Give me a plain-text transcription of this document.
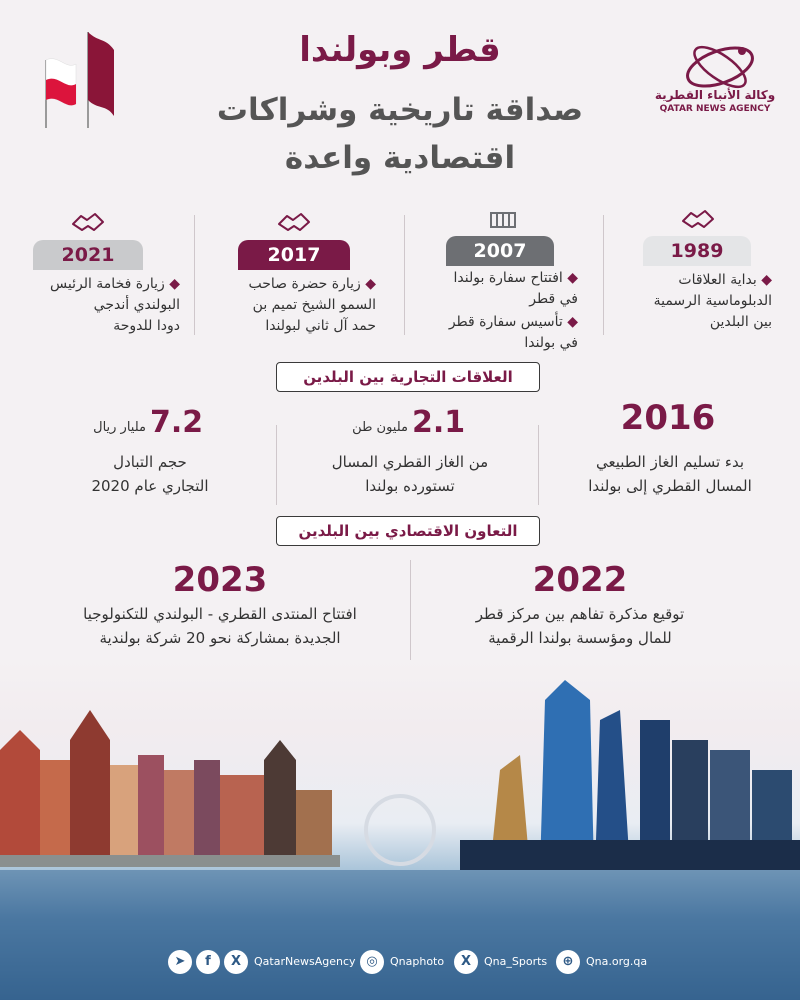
قطر وبولندا
صداقة تاريخية وشراكات
اقتصادية واعدة
وكالة الأنباء القطرية
QATAR NEWS AGENCY
2021
◆ زيارة فخامة الرئيس
البولندي أندجي
دودا للدوحة
2017
◆ زيارة حضرة صاحب
السمو الشيخ تميم بن
حمد آل ثاني لبولندا
2007
◆ افتتاح سفارة بولندا
في قطر
◆ تأسيس سفارة قطر
في بولندا
1989
◆ بداية العلاقات
الدبلوماسية الرسمية
بين البلدين
العلاقات التجارية بين البلدين
2016
بدء تسليم الغاز الطبيعي
المسال القطري إلى بولندا
2.1
مليون طن
من الغاز القطري المسال
تستورده بولندا
7.2
مليار ريال
حجم التبادل
التجاري عام 2020
التعاون الاقتصادي بين البلدين
2022
توقيع مذكرة تفاهم بين مركز قطر
للمال ومؤسسة بولندا الرقمية
2023
افتتاح المنتدى القطري - البولندي للتكنولوجيا
الجديدة بمشاركة نحو 20 شركة بولندية
➤	f	X	QatarNewsAgency ◎	Qnaphoto	X	Qna_Sports	⊕	Qna.org.qa
